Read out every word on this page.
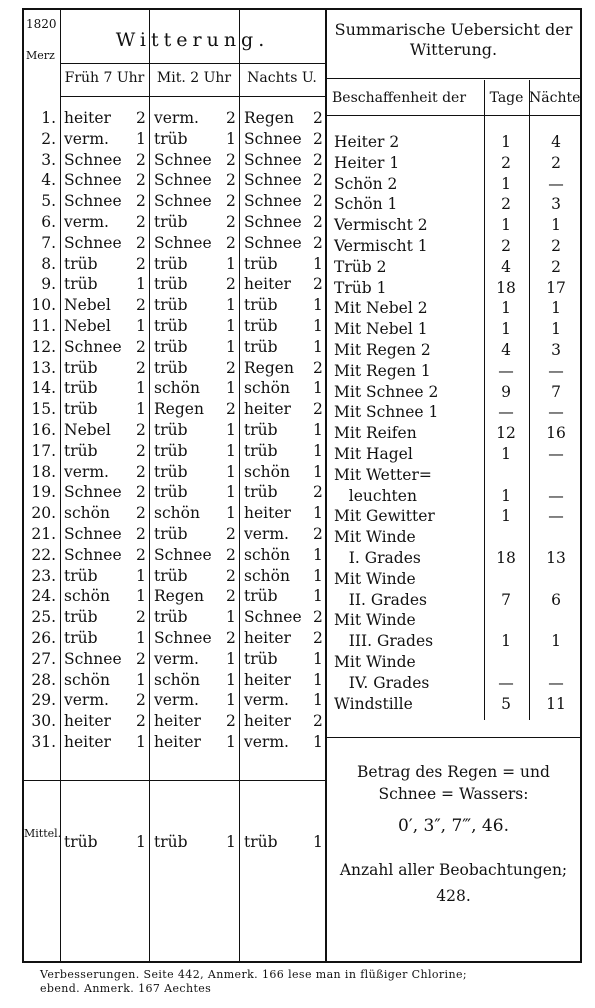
1820
Merz
Witterung.
Früh 7 Uhr Mit. 2 Uhr	Nachts U.
Summarische Uebersicht der Witterung.
Beschaffenheit der	Tage Nächte
1. heiter 2 verm. 2 Regen 2
2. verm. 1 trüb 1 Schnee 2
3. Schnee 2 Schnee 2 Schnee 2
4. Schnee 2 Schnee 2 Schnee 2
5. Schnee 2 Schnee 2 Schnee 2
6. verm. 2 trüb 2 Schnee 2
7. Schnee 2 Schnee 2 Schnee 2
8. trüb 2 trüb 1 trüb 1
9. trüb 1 trüb 2 heiter 2
10. Nebel 2 trüb 1 trüb 1
11. Nebel 1 trüb 1 trüb 1
12. Schnee 2 trüb 1 trüb 1
13. trüb 2 trüb 2 Regen 2
14. trüb 1 schön 1 schön 1
15. trüb 1 Regen 2 heiter 2
16. Nebel 2 trüb 1 trüb 1
17. trüb 2 trüb 1 trüb 1
18. verm. 2 trüb 1 schön 1
19. Schnee 2 trüb 1 trüb 2
20. schön 2 schön 1 heiter 1
21. Schnee 2 trüb 2 verm. 2
22. Schnee 2 Schnee 2 schön 1
23. trüb 1 trüb 2 schön 1
24. schön 1 Regen 2 trüb 1
25. trüb 2 trüb 1 Schnee 2
26. trüb 1 Schnee 2 heiter 2
27. Schnee 2 verm. 1 trüb 1
28. schön 1 schön 1 heiter 1
29. verm. 2 verm. 1 verm. 1
30. heiter 2 heiter 2 heiter 2
31. heiter 1 heiter 1 verm. 1
Mittel. trüb 1 trüb 1 trüb 1
Heiter 2	1	4
Heiter 1	2	2
Schön 2	1	—
Schön 1	2	3
Vermischt 2	1	1
Vermischt 1	2	2
Trüb 2	4	2
Trüb 1	18	17
Mit Nebel 2	1	1
Mit Nebel 1	1	1
Mit Regen 2	4	3
Mit Regen 1	—	—
Mit Schnee 2	9	7
Mit Schnee 1	—	—
Mit Reifen	12	16
Mit Hagel	1	—
Mit Wetter=
leuchten	1	—
Mit Gewitter	1	—
Mit Winde
I. Grades	18	13
Mit Winde
II. Grades	7	6
Mit Winde
III. Grades	1	1
Mit Winde
IV. Grades	—	—
Windstille	5	11
Betrag des Regen = und
Schnee = Wassers:
0′, 3″, 7‴, 46.
Anzahl aller Beobachtungen;
428.
Verbesserungen. Seite 442, Anmerk. 166 lese man in flüßiger Chlorine;
ebend. Anmerk. 167 Aechtes
